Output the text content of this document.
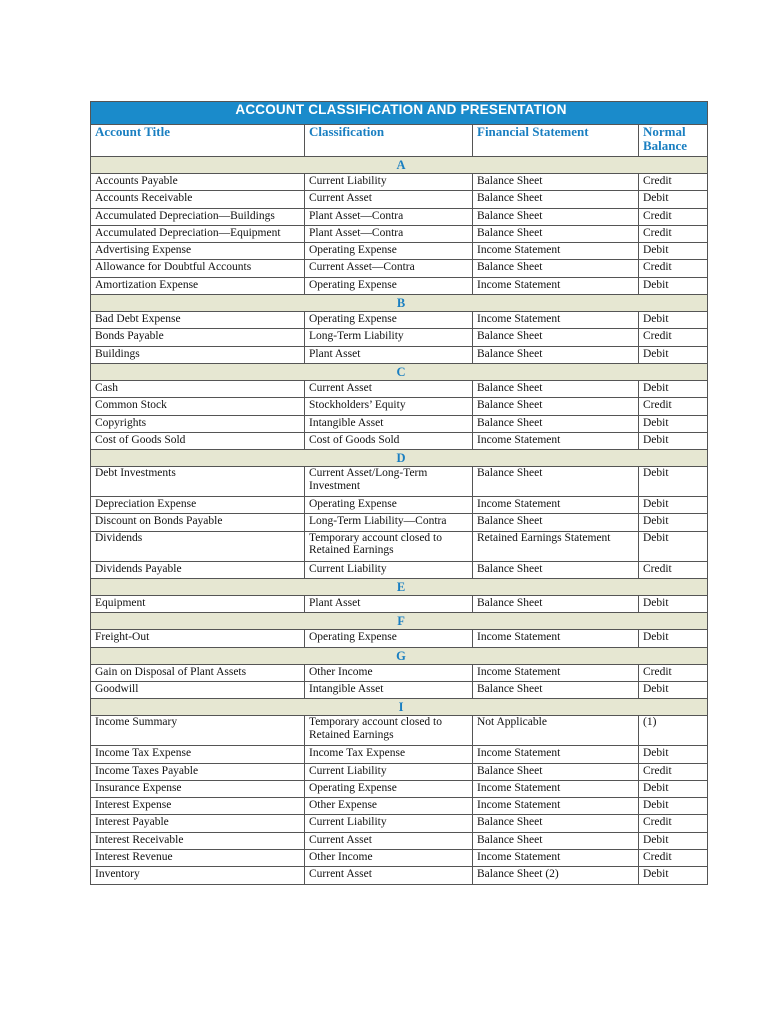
ACCOUNT CLASSIFICATION AND PRESENTATION			
Account Title	Classification	Financial Statement	Normal Balance
A			
Accounts Payable	Current Liability	Balance Sheet	Credit
Accounts Receivable	Current Asset	Balance Sheet	Debit
Accumulated Depreciation—Buildings	Plant Asset—Contra	Balance Sheet	Credit
Accumulated Depreciation—Equipment	Plant Asset—Contra	Balance Sheet	Credit
Advertising Expense	Operating Expense	Income Statement	Debit
Allowance for Doubtful Accounts	Current Asset—Contra	Balance Sheet	Credit
Amortization Expense	Operating Expense	Income Statement	Debit
B			
Bad Debt Expense	Operating Expense	Income Statement	Debit
Bonds Payable	Long-Term Liability	Balance Sheet	Credit
Buildings	Plant Asset	Balance Sheet	Debit
C			
Cash	Current Asset	Balance Sheet	Debit
Common Stock	Stockholders’ Equity	Balance Sheet	Credit
Copyrights	Intangible Asset	Balance Sheet	Debit
Cost of Goods Sold	Cost of Goods Sold	Income Statement	Debit
D			
Debt Investments	Current Asset/Long-Term Investment	Balance Sheet	Debit
Depreciation Expense	Operating Expense	Income Statement	Debit
Discount on Bonds Payable	Long-Term Liability—Contra	Balance Sheet	Debit
Dividends	Temporary account closed to Retained Earnings	Retained Earnings Statement	Debit
Dividends Payable	Current Liability	Balance Sheet	Credit
E			
Equipment	Plant Asset	Balance Sheet	Debit
F			
Freight-Out	Operating Expense	Income Statement	Debit
G			
Gain on Disposal of Plant Assets	Other Income	Income Statement	Credit
Goodwill	Intangible Asset	Balance Sheet	Debit
I			
Income Summary	Temporary account closed to Retained Earnings	Not Applicable	(1)
Income Tax Expense	Income Tax Expense	Income Statement	Debit
Income Taxes Payable	Current Liability	Balance Sheet	Credit
Insurance Expense	Operating Expense	Income Statement	Debit
Interest Expense	Other Expense	Income Statement	Debit
Interest Payable	Current Liability	Balance Sheet	Credit
Interest Receivable	Current Asset	Balance Sheet	Debit
Interest Revenue	Other Income	Income Statement	Credit
Inventory	Current Asset	Balance Sheet (2)	Debit
